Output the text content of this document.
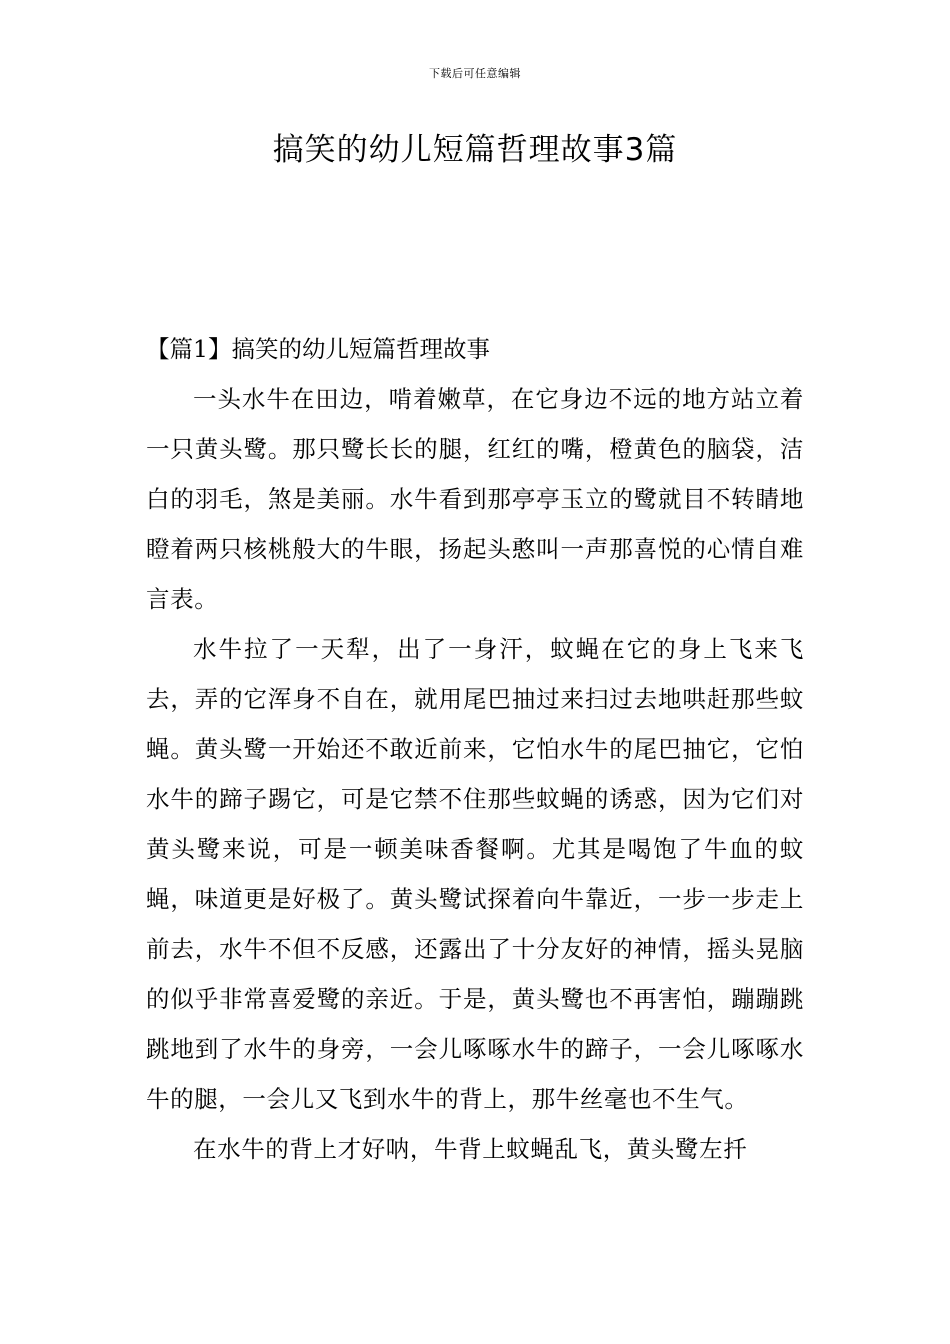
下载后可任意编辑
搞笑的幼儿短篇哲理故事3篇
【篇1】搞笑的幼儿短篇哲理故事

一头水牛在田边，啃着嫩草，在它身边不远的地方站立着一只黄头鹭。那只鹭长长的腿，红红的嘴，橙黄色的脑袋，洁白的羽毛，煞是美丽。水牛看到那亭亭玉立的鹭就目不转睛地瞪着两只核桃般大的牛眼，扬起头憨叫一声那喜悦的心情自难言表。

水牛拉了一天犁，出了一身汗，蚊蝇在它的身上飞来飞去，弄的它浑身不自在，就用尾巴抽过来扫过去地哄赶那些蚊蝇。黄头鹭一开始还不敢近前来，它怕水牛的尾巴抽它，它怕水牛的蹄子踢它，可是它禁不住那些蚊蝇的诱惑，因为它们对黄头鹭来说，可是一顿美味香餐啊。尤其是喝饱了牛血的蚊蝇，味道更是好极了。黄头鹭试探着向牛靠近，一步一步走上前去，水牛不但不反感，还露出了十分友好的神情，摇头晃脑的似乎非常喜爱鹭的亲近。于是，黄头鹭也不再害怕，蹦蹦跳跳地到了水牛的身旁，一会儿啄啄水牛的蹄子，一会儿啄啄水牛的腿，一会儿又飞到水牛的背上，那牛丝毫也不生气。

在水牛的背上才好呐，牛背上蚊蝇乱飞，黄头鹭左扦
